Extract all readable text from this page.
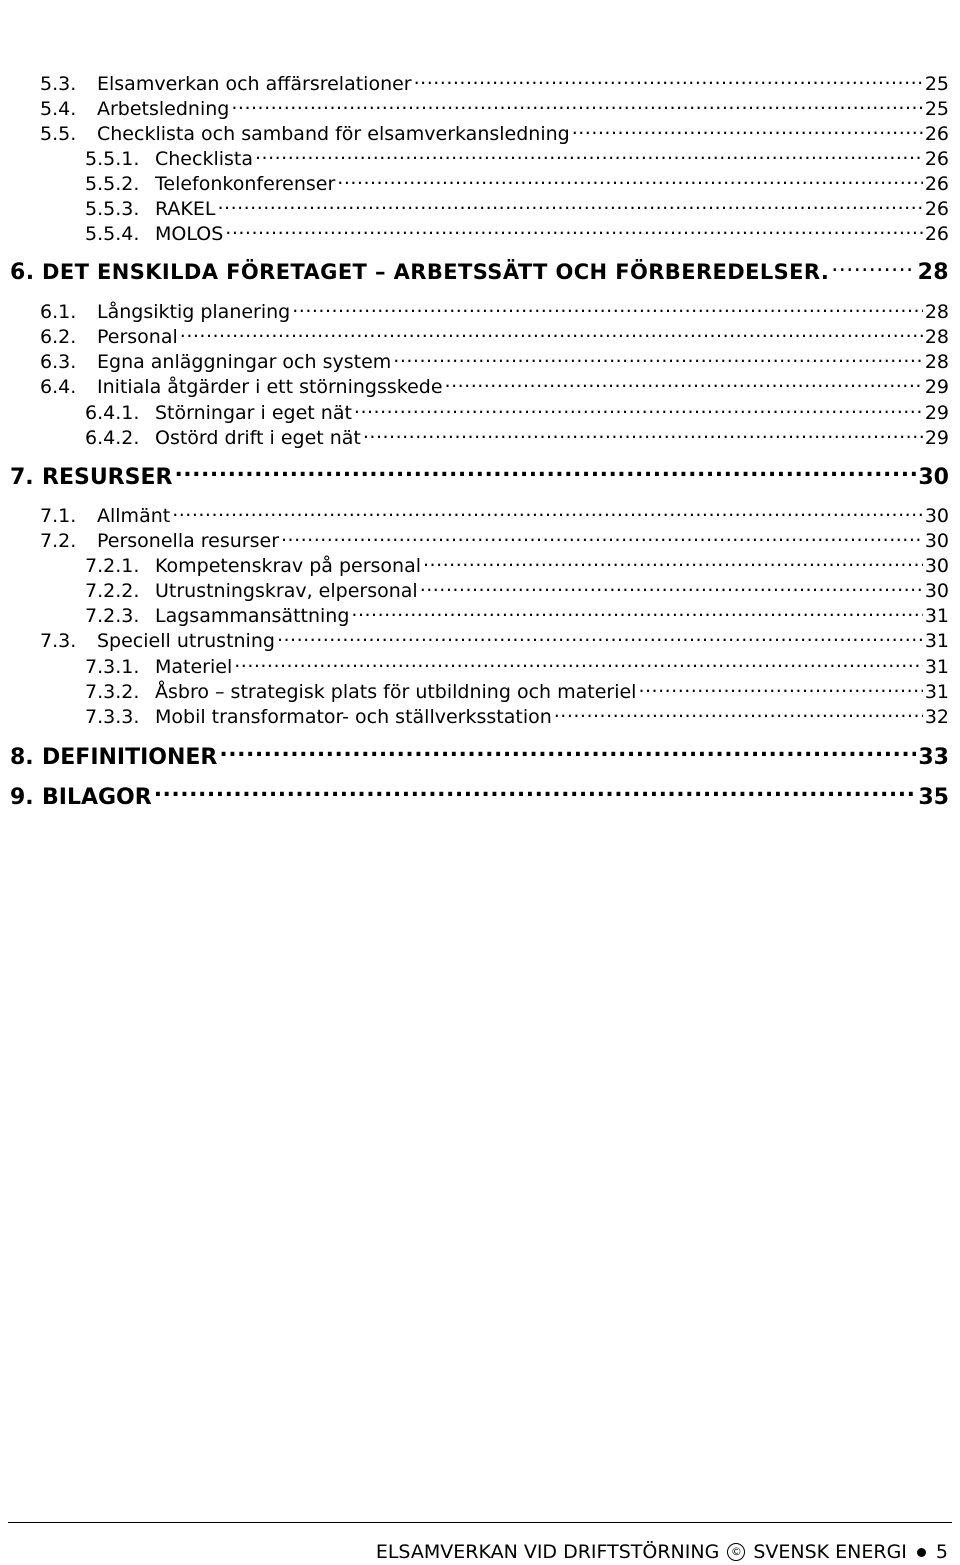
5.3.	Elsamverkan och affärsrelationer .....	25
5.4.	Arbetsledning .....	25
5.5.	Checklista och samband för elsamverkansledning .....	26
5.5.1. Checklista .....	26
5.5.2. Telefonkonferenser .....	26
5.5.3. RAKEL .....	26
5.5.4. MOLOS .....	26
6. DET ENSKILDA FÖRETAGET – ARBETSSÄTT OCH FÖRBEREDELSER. .....	28
6.1.	Långsiktig planering .....	28
6.2.	Personal .....	28
6.3.	Egna anläggningar och system .....	28
6.4.	Initiala åtgärder i ett störningsskede .....	29
6.4.1. Störningar i eget nät .....	29
6.4.2. Ostörd drift i eget nät .....	29
7. RESURSER .....	30
7.1.	Allmänt .....	30
7.2.	Personella resurser .....	30
7.2.1. Kompetenskrav på personal .....	30
7.2.2. Utrustningskrav, elpersonal .....	30
7.2.3. Lagsammansättning .....	31
7.3.	Speciell utrustning .....	31
7.3.1. Materiel .....	31
7.3.2. Åsbro – strategisk plats för utbildning och materiel .....	31
7.3.3. Mobil transformator- och ställverksstation .....	32
8. DEFINITIONER .....	33
9. BILAGOR .....	35
ELSAMVERKAN VID DRIFTSTÖRNING	© SVENSK ENERGI 5
